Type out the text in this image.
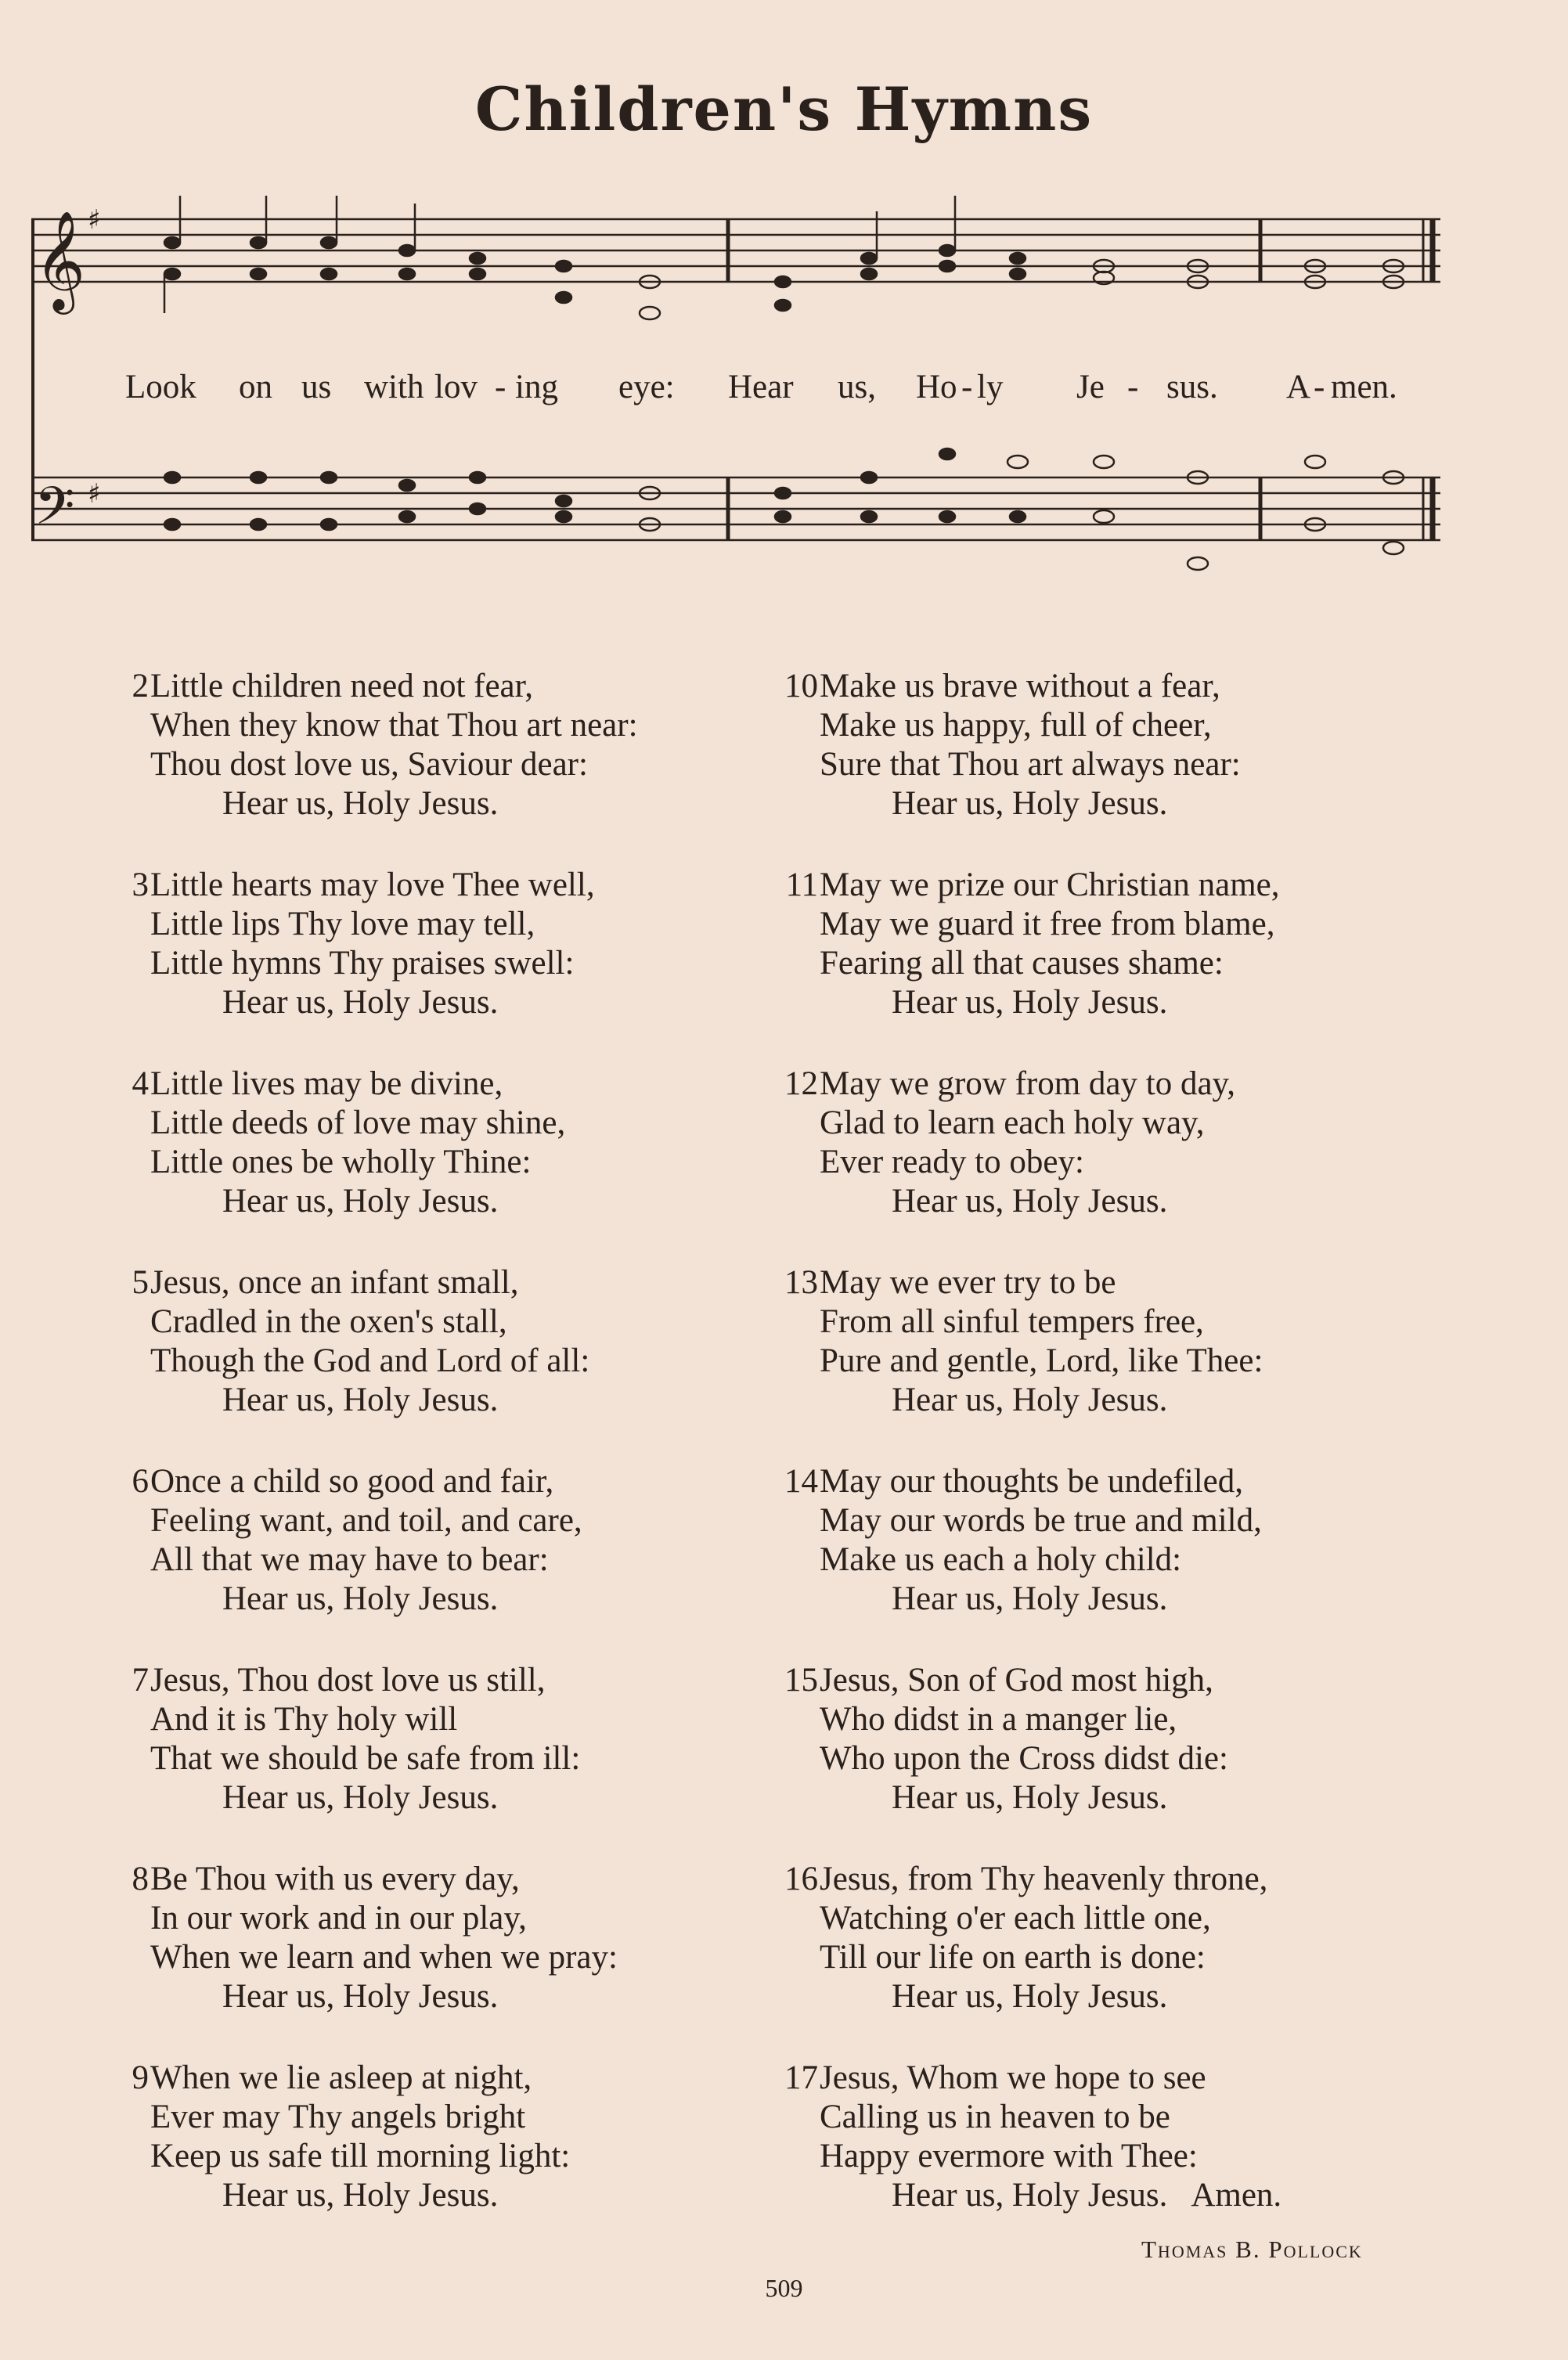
Children's Hymns
𝄞
𝄢
♯
♯
Look on us with lov - ing eye: Hear us, Ho - ly Je - sus. A - men.
2 Little children need not fear,
When they know that Thou art near:
Thou dost love us, Saviour dear:
Hear us, Holy Jesus.
3 Little hearts may love Thee well,
Little lips Thy love may tell,
Little hymns Thy praises swell:
Hear us, Holy Jesus.
4 Little lives may be divine,
Little deeds of love may shine,
Little ones be wholly Thine:
Hear us, Holy Jesus.
5 Jesus, once an infant small,
Cradled in the oxen's stall,
Though the God and Lord of all:
Hear us, Holy Jesus.
6 Once a child so good and fair,
Feeling want, and toil, and care,
All that we may have to bear:
Hear us, Holy Jesus.
7 Jesus, Thou dost love us still,
And it is Thy holy will
That we should be safe from ill:
Hear us, Holy Jesus.
8 Be Thou with us every day,
In our work and in our play,
When we learn and when we pray:
Hear us, Holy Jesus.
9 When we lie asleep at night,
Ever may Thy angels bright
Keep us safe till morning light:
Hear us, Holy Jesus.
10 Make us brave without a fear,
Make us happy, full of cheer,
Sure that Thou art always near:
Hear us, Holy Jesus.
11 May we prize our Christian name,
May we guard it free from blame,
Fearing all that causes shame:
Hear us, Holy Jesus.
12 May we grow from day to day,
Glad to learn each holy way,
Ever ready to obey:
Hear us, Holy Jesus.
13 May we ever try to be
From all sinful tempers free,
Pure and gentle, Lord, like Thee:
Hear us, Holy Jesus.
14 May our thoughts be undefiled,
May our words be true and mild,
Make us each a holy child:
Hear us, Holy Jesus.
15 Jesus, Son of God most high,
Who didst in a manger lie,
Who upon the Cross didst die:
Hear us, Holy Jesus.
16 Jesus, from Thy heavenly throne,
Watching o'er each little one,
Till our life on earth is done:
Hear us, Holy Jesus.
17 Jesus, Whom we hope to see
Calling us in heaven to be
Happy evermore with Thee:
Hear us, Holy Jesus. Amen.
Thomas B. Pollock
509
